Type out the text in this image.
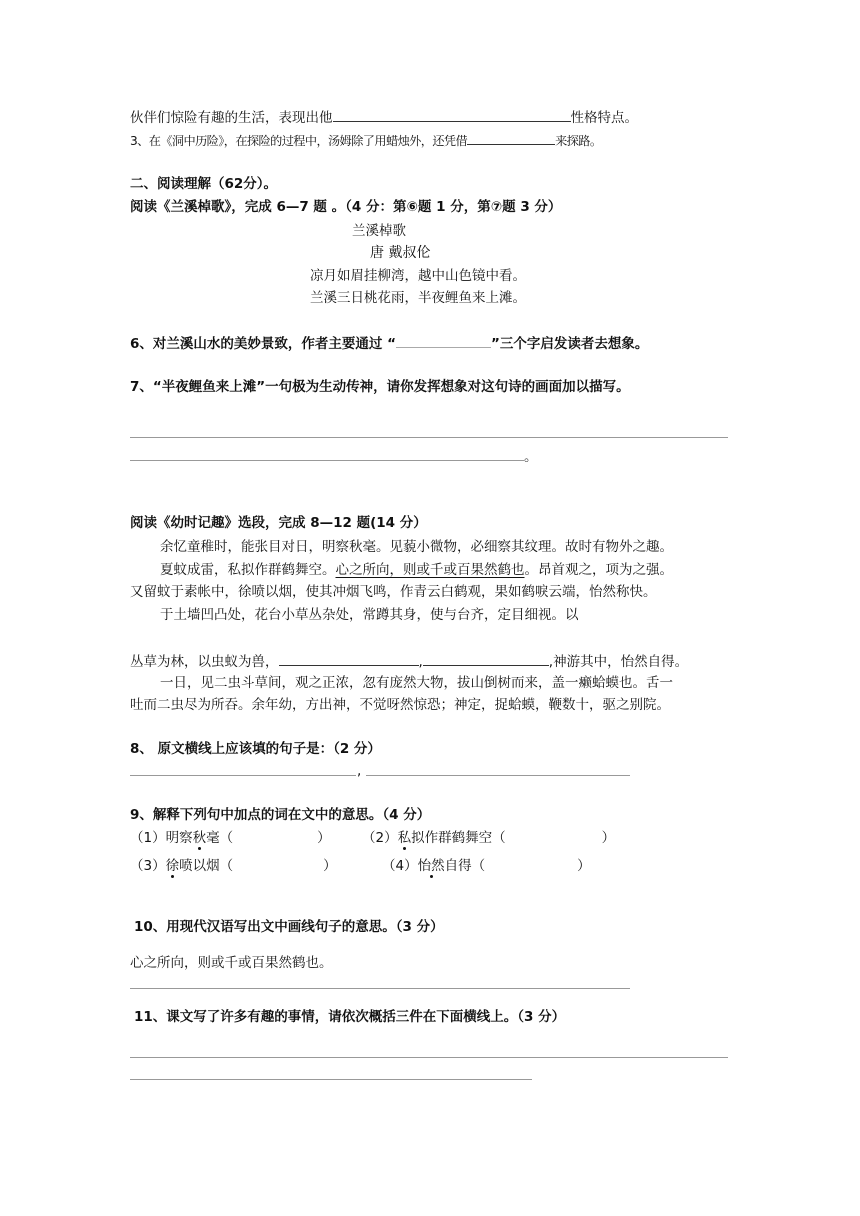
伙伴们惊险有趣的生活，表现出他	性格特点。
3、在《洞中历险》，在探险的过程中，汤姆除了用蜡烛外，还凭借	来探路。
二、阅读理解（62分）。
阅读《兰溪棹歌》，完成 6—7 题 。（4 分：第⑥题 1 分，第⑦题 3 分）
兰溪棹歌
唐 戴叔伦
凉月如眉挂柳湾，越中山色镜中看。
兰溪三日桃花雨，半夜鲤鱼来上滩。
6、对兰溪山水的美妙景致，作者主要通过 “	”三个字启发读者去想象。
7、“半夜鲤鱼来上滩”一句极为生动传神，请你发挥想象对这句诗的画面加以描写。
。
阅读《幼时记趣》选段，完成 8—12 题(14 分）
余忆童稚时，能张目对日，明察秋毫。见藐小微物，必细察其纹理。故时有物外之趣。
夏蚊成雷，私拟作群鹤舞空。心之所向，则或千或百果然鹤也。昂首观之，项为之强。
又留蚊于素帐中，徐喷以烟，使其冲烟飞鸣，作青云白鹤观，果如鹤唳云端，怡然称快。
于土墙凹凸处，花台小草丛杂处，常蹲其身，使与台齐，定目细视。以
丛草为林，以虫蚁为兽，	,	,神游其中，怡然自得。
一日，见二虫斗草间，观之正浓，忽有庞然大物，拔山倒树而来，盖一癞蛤蟆也。舌一
吐而二虫尽为所吞。余年幼，方出神，不觉呀然惊恐；神定，捉蛤蟆，鞭数十，驱之别院。
8、 原文横线上应该填的句子是：（2 分）
,
9、解释下列句中加点的词在文中的意思。（4 分）
（1）明察秋毫（	） （2）私拟作群鹤舞空（	）
（3）徐喷以烟（	）	（4）怡然自得（	）
10、用现代汉语写出文中画线句子的意思。（3 分）
心之所向，则或千或百果然鹤也。
11、课文写了许多有趣的事情，请依次概括三件在下面横线上。（3 分）
